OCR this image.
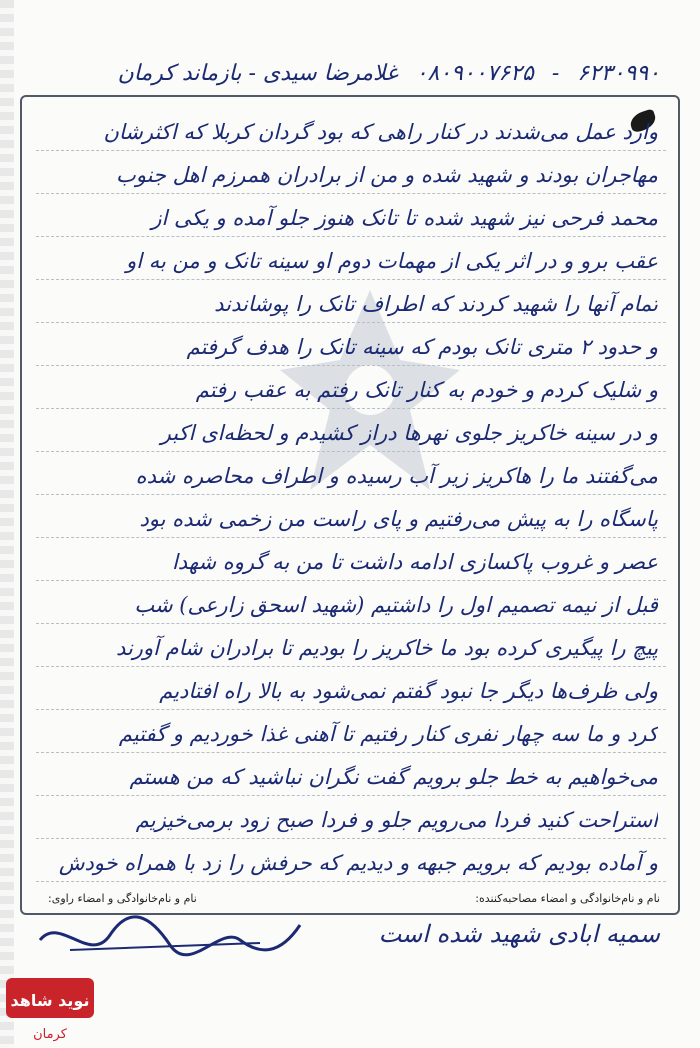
۶۲۳۰۹۹۰
-
۰۸۰۹۰۰۷۶۲۵
غلامرضا سیدی - بازماند کرمان
وارد عمل می‌شدند در کنار راهی که بود گردان کربلا که اکثرشان
مهاجران بودند و شهید شده و من از برادران همرزم اهل جنوب
محمد فرحی نیز شهید شده تا تانک هنوز جلو آمده و یکی از
عقب برو و در اثر یکی از مهمات دوم او سینه تانک و من به او
تمام آنها را شهید کردند که اطراف تانک را پوشاندند
و حدود ۲ متری تانک بودم که سینه تانک را هدف گرفتم
و شلیک کردم و خودم به کنار تانک رفتم به عقب رفتم
و در سینه خاکریز جلوی نهرها دراز کشیدم و لحظه‌ای اکبر
می‌گفتند ما را هاکریز زیر آب رسیده و اطراف محاصره شده
پاسگاه را به پیش می‌رفتیم و پای راست من زخمی شده بود
عصر و غروب پاکسازی ادامه داشت تا من به گروه شهدا
قبل از نیمه تصمیم اول را داشتیم (شهید اسحق زارعی) شب
پیچ را پیگیری کرده بود ما خاکریز را بودیم تا برادران شام آورند
ولی ظرف‌ها دیگر جا نبود گفتم نمی‌شود به بالا راه افتادیم
کرد و ما سه چهار نفری کنار رفتیم تا آهنی غذا خوردیم و گفتیم
می‌خواهیم به خط جلو برویم گفت نگران نباشید که من هستم
استراحت کنید فردا می‌رویم جلو و فردا صبح زود برمی‌خیزیم
و آماده بودیم که برویم جبهه و دیدیم که حرفش را زد با همراه خودش
نام و نام‌خانوادگی و امضاء مصاحبه‌کننده:
نام و نام‌خانوادگی و امضاء راوی:
سمیه ابادی شهید شده است
نوید شاهد
کرمان
